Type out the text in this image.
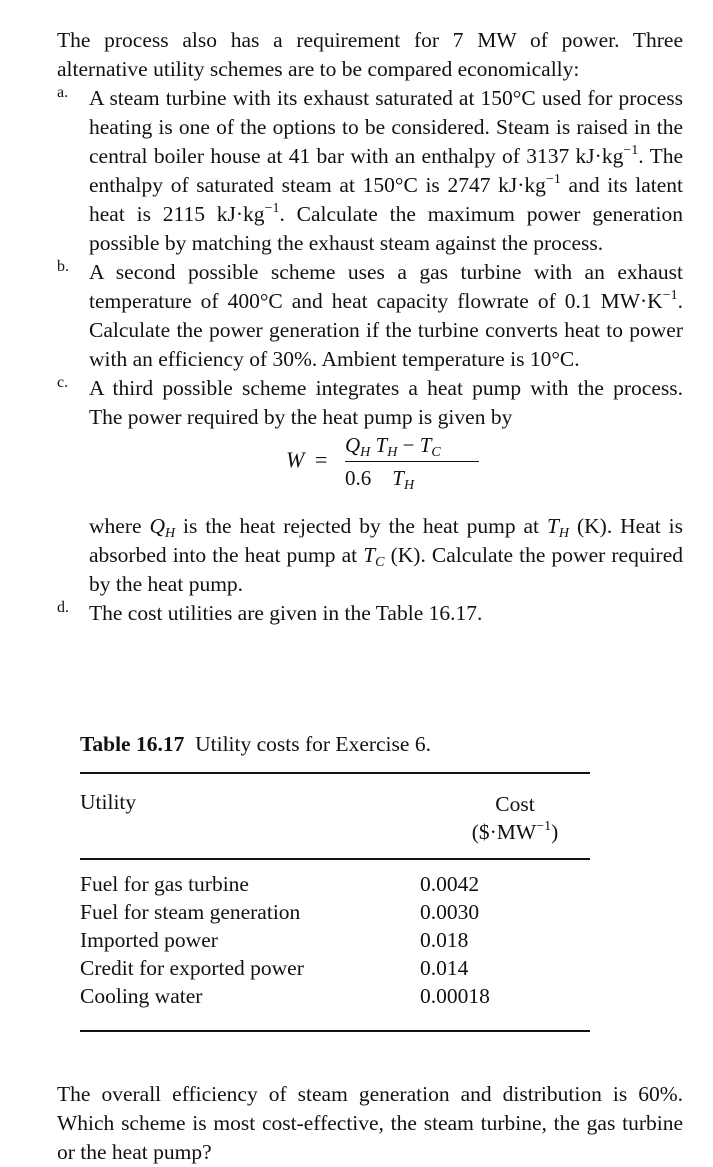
The process also has a requirement for 7 MW of power. Three alternative utility schemes are to be compared economically:

a. A steam turbine with its exhaust saturated at 150°C used for process heating is one of the options to be considered. Steam is raised in the central boiler house at 41 bar with an enthalpy of 3137 $kJ\cdot kg^{-1}$. The enthalpy of saturated steam at 150°C is 2747 $kJ\cdot kg^{-1}$ and its latent heat is 2115 $kJ\cdot kg^{-1}$. Calculate the maximum power generation possible by matching the exhaust steam against the process.

b. A second possible scheme uses a gas turbine with an exhaust temperature of 400°C and heat capacity flowrate of 0.1 $MW\cdot K^{-1}$. Calculate the power generation if the turbine converts heat to power with an efficiency of 30%. Ambient temperature is 10°C.

c. A third possible scheme integrates a heat pump with the process. The power required by the heat pump is given by

W =
$Q_H$ $T_H - T_C$
0.6 $T_H$

where $Q_H$ is the heat rejected by the heat pump at $T_H$ (K). Heat is absorbed into the heat pump at $T_C$ (K). Calculate the power required by the heat pump.

d. The cost utilities are given in the Table 16.17.

Table 16.17 Utility costs for Exercise 6.
Utility	Cost
$(\$\cdot MW^{-1})$
Fuel for gas turbine	0.0042
Fuel for steam generation	0.0030
Imported power	0.018
Credit for exported power	0.014
Cooling water	0.00018

The overall efficiency of steam generation and distribution is 60%. Which scheme is most cost-effective, the steam turbine, the gas turbine or the heat pump?
